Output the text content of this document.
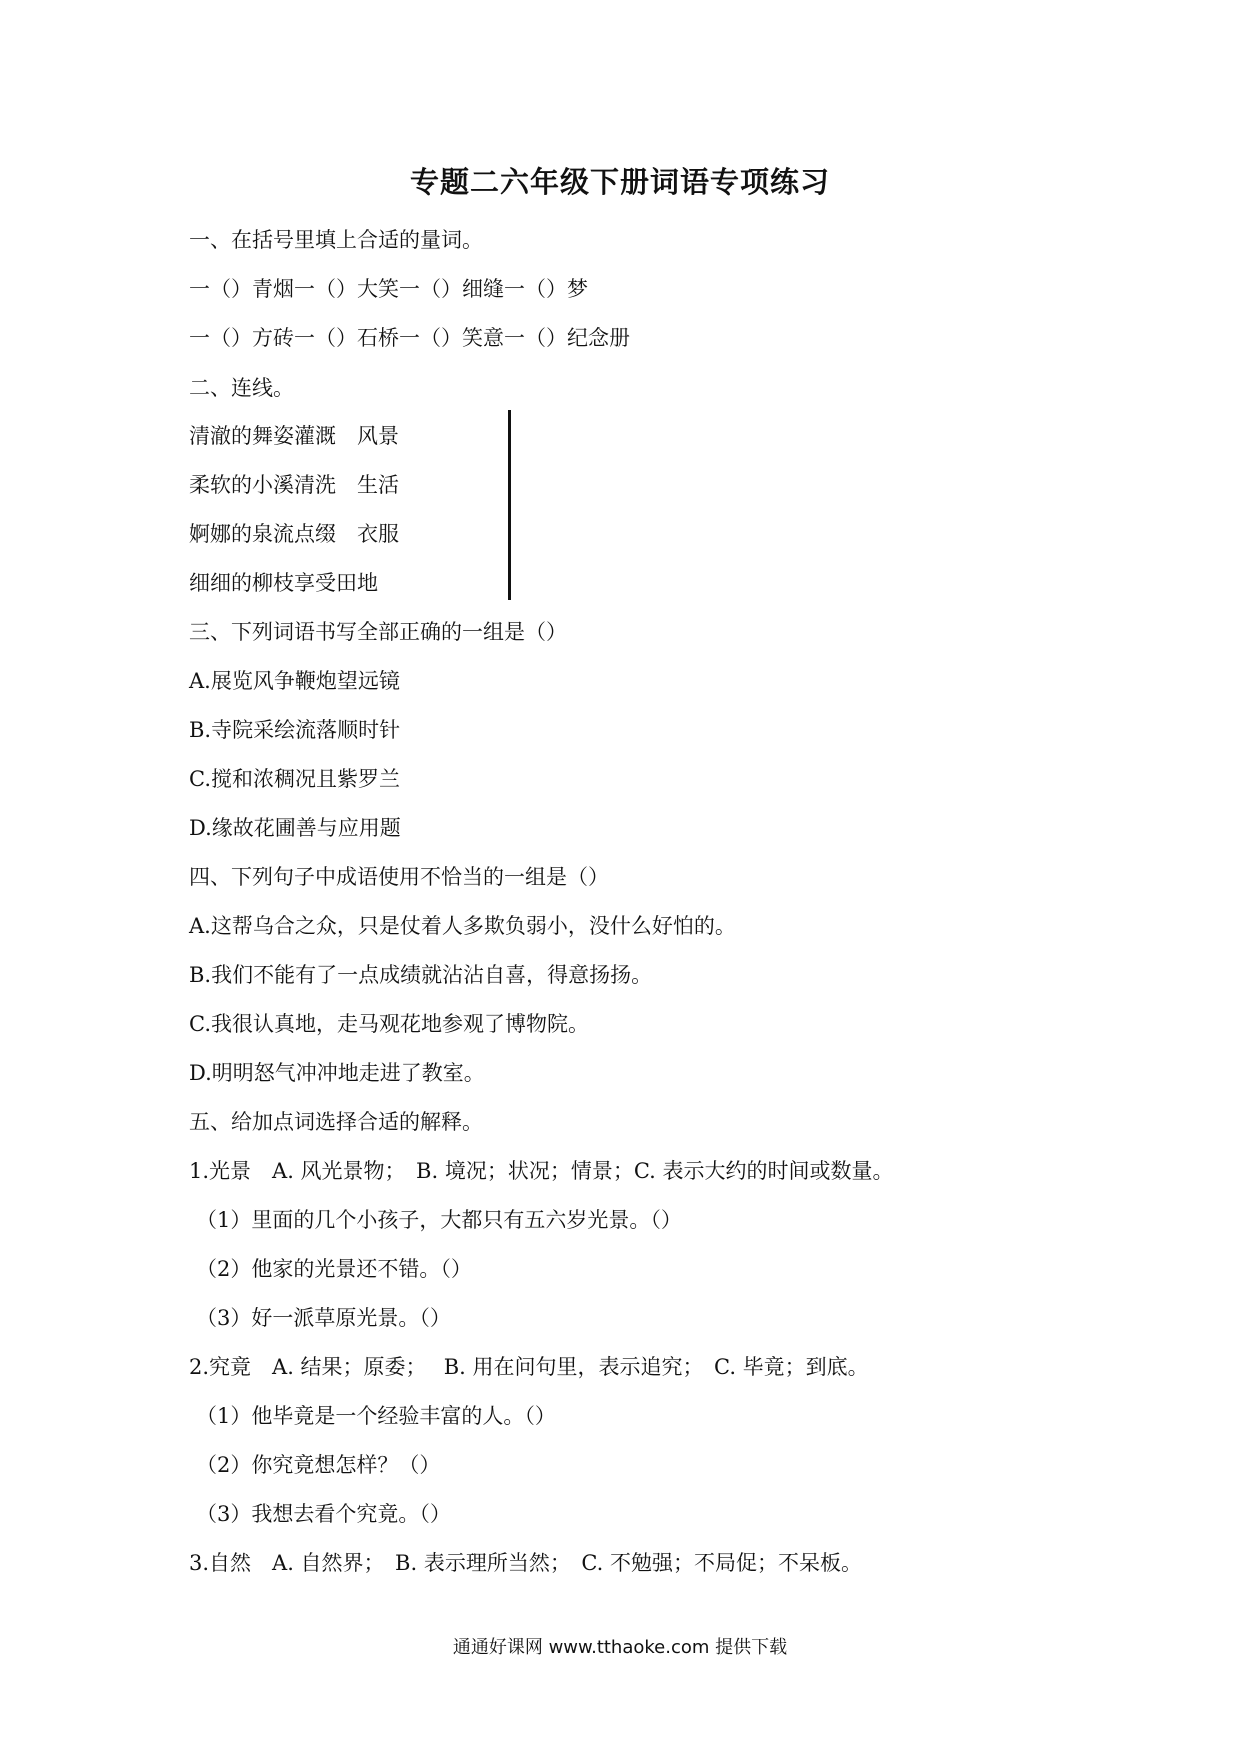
专题二六年级下册词语专项练习
一、在括号里填上合适的量词。
一（）青烟一（）大笑一（）细缝一（）梦
一（）方砖一（）石桥一（）笑意一（）纪念册
二、连线。
清澈的舞姿灌溉　风景
柔软的小溪清洗　生活
婀娜的泉流点缀　衣服
细细的柳枝享受田地
三、下列词语书写全部正确的一组是（）
A.展览风争鞭炮望远镜
B.寺院采绘流落顺时针
C.搅和浓稠况且紫罗兰
D.缘故花圃善与应用题
四、下列句子中成语使用不恰当的一组是（）
A.这帮乌合之众，只是仗着人多欺负弱小，没什么好怕的。
B.我们不能有了一点成绩就沾沾自喜，得意扬扬。
C.我很认真地，走马观花地参观了博物院。
D.明明怒气冲冲地走进了教室。
五、给加点词选择合适的解释。
1.光景　A. 风光景物；　B. 境况；状况；情景；C. 表示大约的时间或数量。
（1）里面的几个小孩子，大都只有五六岁光景。（）
（2）他家的光景还不错。（）
（3）好一派草原光景。（）
2.究竟　A. 结果；原委；　 B. 用在问句里，表示追究；　C. 毕竟；到底。
（1）他毕竟是一个经验丰富的人。（）
（2）你究竟想怎样？（）
（3）我想去看个究竟。（）
3.自然　A. 自然界；　B. 表示理所当然；　C. 不勉强；不局促；不呆板。
通通好课网 www.tthaoke.com 提供下载
